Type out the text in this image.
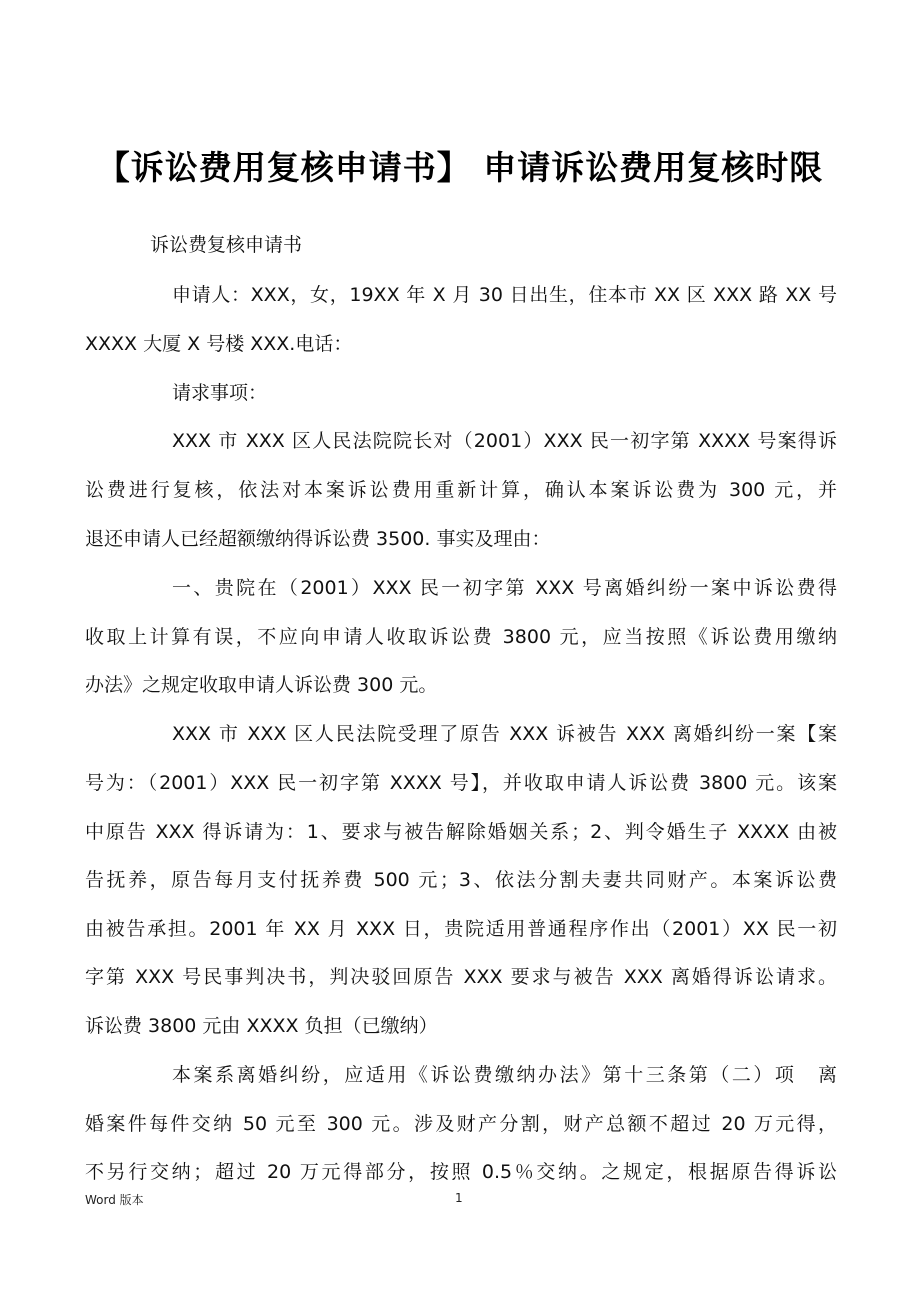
【诉讼费用复核申请书】 申请诉讼费用复核时限
诉讼费复核申请书
申请人：XXX，女，19XX 年 X 月 30 日出生，住本市 XX 区 XXX 路 XX 号
XXXX 大厦 X 号楼 XXX.电话：
请求事项：
XXX 市 XXX 区人民法院院长对（2001）XXX 民一初字第 XXXX 号案得诉
讼费进行复核，依法对本案诉讼费用重新计算，确认本案诉讼费为 300 元，并
退还申请人已经超额缴纳得诉讼费 3500. 事实及理由：
一、贵院在（2001）XXX 民一初字第 XXX 号离婚纠纷一案中诉讼费得
收取上计算有误，不应向申请人收取诉讼费 3800 元，应当按照《诉讼费用缴纳
办法》之规定收取申请人诉讼费 300 元。
XXX 市 XXX 区人民法院受理了原告 XXX 诉被告 XXX 离婚纠纷一案【案
号为：（2001）XXX 民一初字第 XXXX 号】，并收取申请人诉讼费 3800 元。该案
中原告 XXX 得诉请为：1、要求与被告解除婚姻关系；2、判令婚生子 XXXX 由被
告抚养，原告每月支付抚养费 500 元；3、依法分割夫妻共同财产。本案诉讼费
由被告承担。2001 年 XX 月 XXX 日，贵院适用普通程序作出（2001）XX 民一初
字第 XXX 号民事判决书，判决驳回原告 XXX 要求与被告 XXX 离婚得诉讼请求。
诉讼费 3800 元由 XXXX 负担（已缴纳）
本案系离婚纠纷，应适用《诉讼费缴纳办法》第十三条第（二）项　离
婚案件每件交纳 50 元至 300 元。涉及财产分割，财产总额不超过 20 万元得，
不另行交纳；超过 20 万元得部分，按照 0.5％交纳。之规定，根据原告得诉讼
Word 版本	1
